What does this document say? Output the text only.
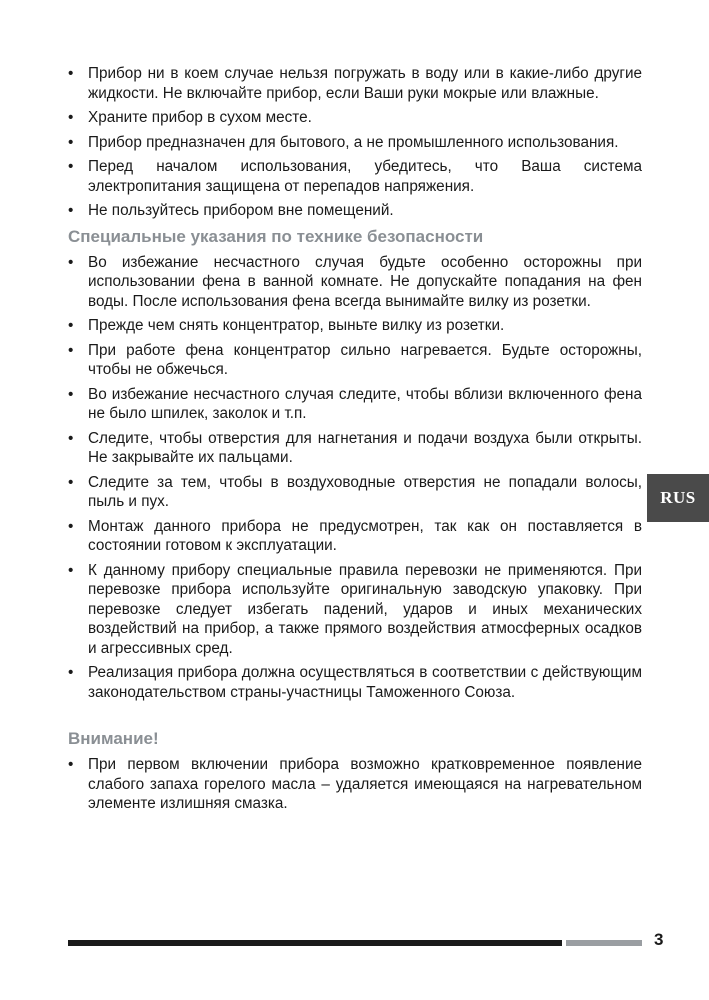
• Прибор ни в коем случае нельзя погружать в воду или в какие-либо другие жидкости. Не включайте прибор, если Ваши руки мокрые или влажные.
• Храните прибор в сухом месте.
• Прибор предназначен для бытового, а не промышленного использования.
• Перед началом использования, убедитесь, что Ваша система электропитания защищена от перепадов напряжения.
• Не пользуйтесь прибором вне помещений.
Специальные указания по технике безопасности
• Во избежание несчастного случая будьте особенно осторожны при использовании фена в ванной комнате. Не допускайте попадания на фен воды. После использования фена всегда вынимайте вилку из розетки.
• Прежде чем снять концентратор, выньте вилку из розетки.
• При работе фена концентратор сильно нагревается. Будьте осторожны, чтобы не обжечься.
• Во избежание несчастного случая следите, чтобы вблизи включенного фена не было шпилек, заколок и т.п.
• Следите, чтобы отверстия для нагнетания и подачи воздуха были открыты. Не закрывайте их пальцами.
• Следите за тем, чтобы в воздуховодные отверстия не попадали волосы, пыль и пух.
• Монтаж данного прибора не предусмотрен, так как он поставляется в состоянии готовом к эксплуатации.
• К данному прибору специальные правила перевозки не применяются. При перевозке прибора используйте оригинальную заводскую упаковку. При перевозке следует избегать падений, ударов и иных механических воздействий на прибор, а также прямого воздействия атмосферных осадков и агрессивных сред.
• Реализация прибора должна осуществляться в соответствии с действующим законодательством страны-участницы Таможенного Союза.
Внимание!
• При первом включении прибора возможно кратковременное появление слабого запаха горелого масла – удаляется имеющаяся на нагревательном элементе излишняя смазка.
RUS
3
